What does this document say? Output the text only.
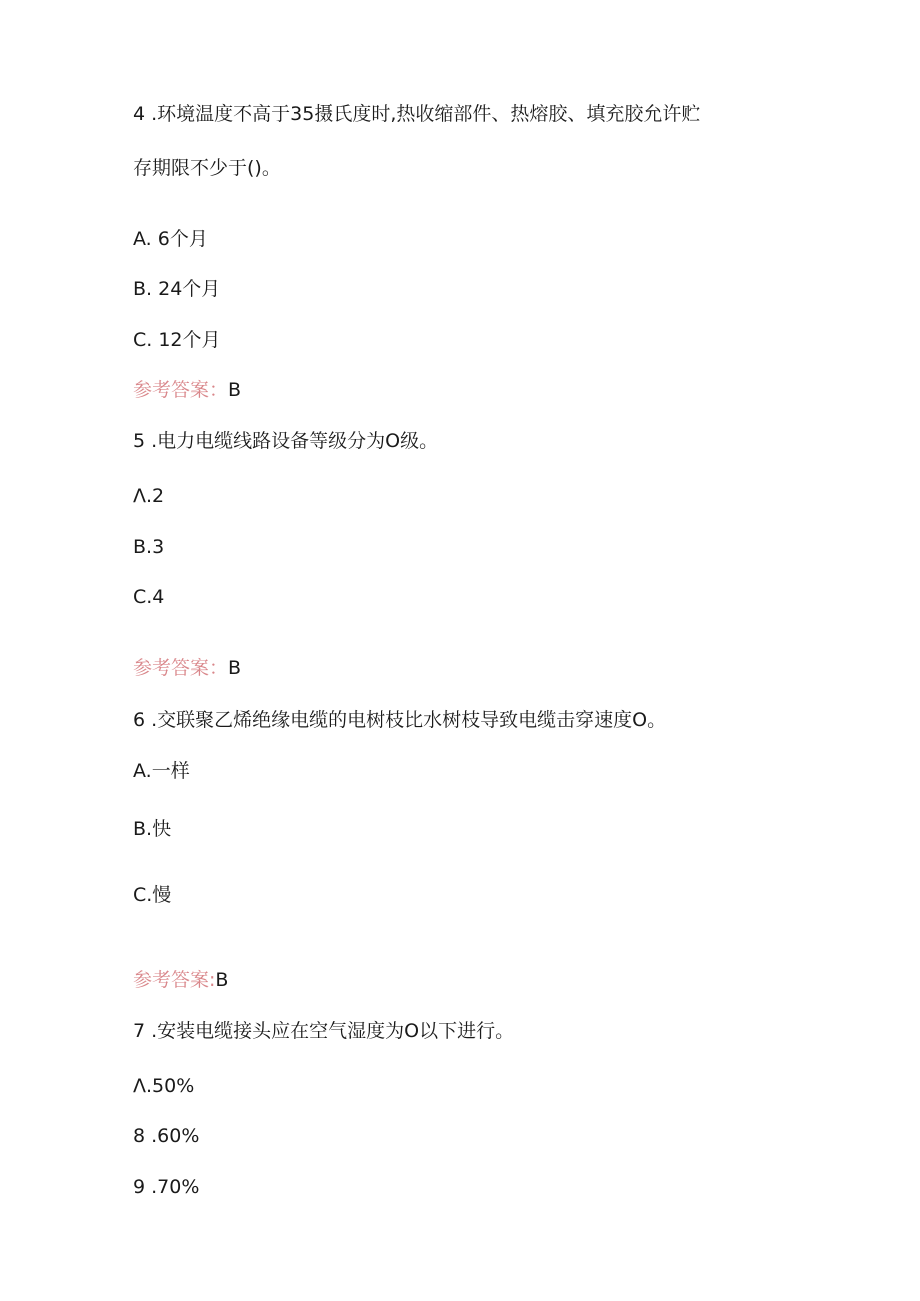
4 .环境温度不高于35摄氏度时,热收缩部件、热熔胶、填充胶允许贮
存期限不少于()。
A. 6个月
B. 24个月
C. 12个月
参考答案：B
5 .电力电缆线路设备等级分为O级。
Λ.2
B.3
C.4
参考答案：B
6 .交联聚乙烯绝缘电缆的电树枝比水树枝导致电缆击穿速度O。
A.一样
B.快
C.慢
参考答案:B
7 .安装电缆接头应在空气湿度为O以下进行。
Λ.50%
8 .60%
9 .70%
